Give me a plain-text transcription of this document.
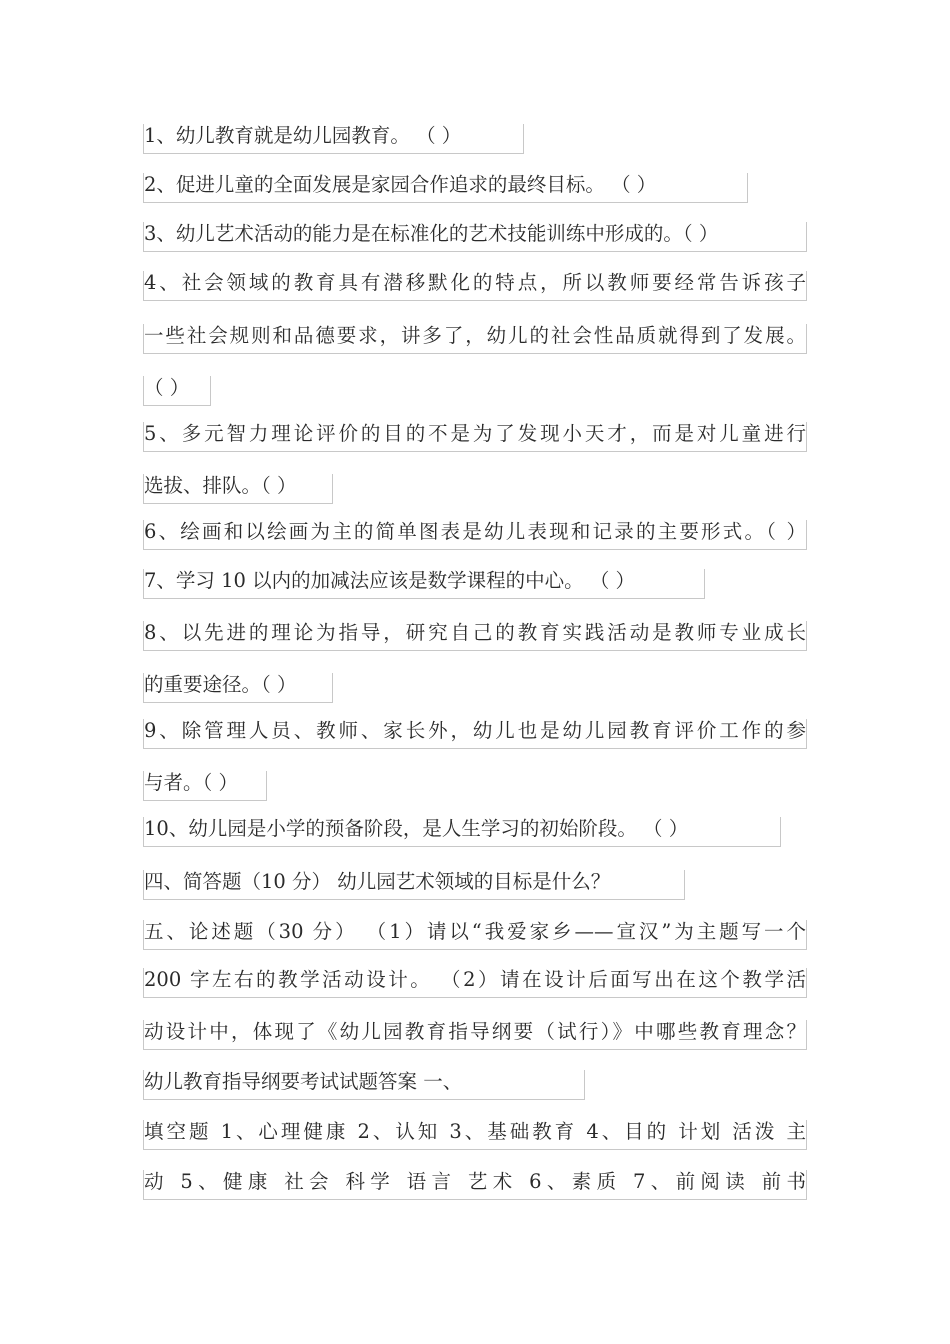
1、幼儿教育就是幼儿园教育。 （ ）
2、促进儿童的全面发展是家园合作追求的最终目标。 （ ）
3、幼儿艺术活动的能力是在标准化的艺术技能训练中形成的。（ ）
4、社会领域的教育具有潜移默化的特点，所以教师要经常告诉孩子
一些社会规则和品德要求，讲多了，幼儿的社会性品质就得到了发展。
（ ）
5、多元智力理论评价的目的不是为了发现小天才，而是对儿童进行
选拔、排队。（ ）
6、绘画和以绘画为主的简单图表是幼儿表现和记录的主要形式。（ ）
7、学习 10 以内的加减法应该是数学课程的中心。 （ ）
8、以先进的理论为指导，研究自己的教育实践活动是教师专业成长
的重要途径。（ ）
9、除管理人员、教师、家长外，幼儿也是幼儿园教育评价工作的参
与者。（ ）
10、幼儿园是小学的预备阶段，是人生学习的初始阶段。 （ ）
四、简答题（10 分） 幼儿园艺术领域的目标是什么？
五、论述题（30 分） （1）请以“我爱家乡——宣汉”为主题写一个
200 字左右的教学活动设计。 （2）请在设计后面写出在这个教学活
动设计中，体现了《幼儿园教育指导纲要（试行）》中哪些教育理念？
幼儿教育指导纲要考试试题答案 一、
填空题 1、心理健康 2、认知 3、基础教育 4、目的 计划 活泼 主
动 5、健康 社会 科学 语言 艺术 6、素质 7、前阅读 前书
